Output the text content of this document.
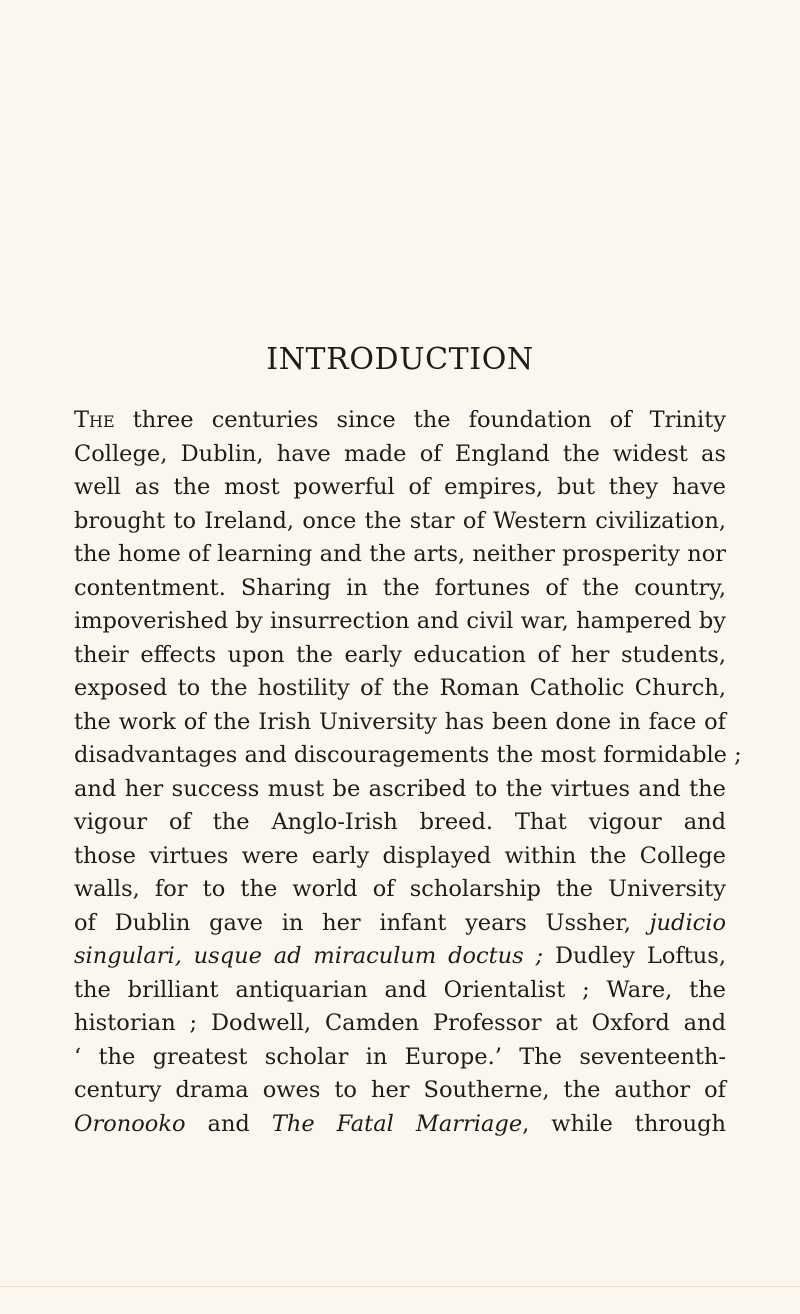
INTRODUCTION
The three centuries since the foundation of Trinity
College, Dublin, have made of England the widest as
well as the most powerful of empires, but they have
brought to Ireland, once the star of Western civilization,
the home of learning and the arts, neither prosperity nor
contentment. Sharing in the fortunes of the country,
impoverished by insurrection and civil war, hampered by
their effects upon the early education of her students,
exposed to the hostility of the Roman Catholic Church,
the work of the Irish University has been done in face of
disadvantages and discouragements the most formidable ;
and her success must be ascribed to the virtues and the
vigour of the Anglo-Irish breed. That vigour and
those virtues were early displayed within the College
walls, for to the world of scholarship the University
of Dublin gave in her infant years Ussher, judicio
singulari, usque ad miraculum doctus ; Dudley Loftus,
the brilliant antiquarian and Orientalist ; Ware, the
historian ; Dodwell, Camden Professor at Oxford and
‘ the greatest scholar in Europe.’ The seventeenth-
century drama owes to her Southerne, the author of
Oronooko and The Fatal Marriage, while through
